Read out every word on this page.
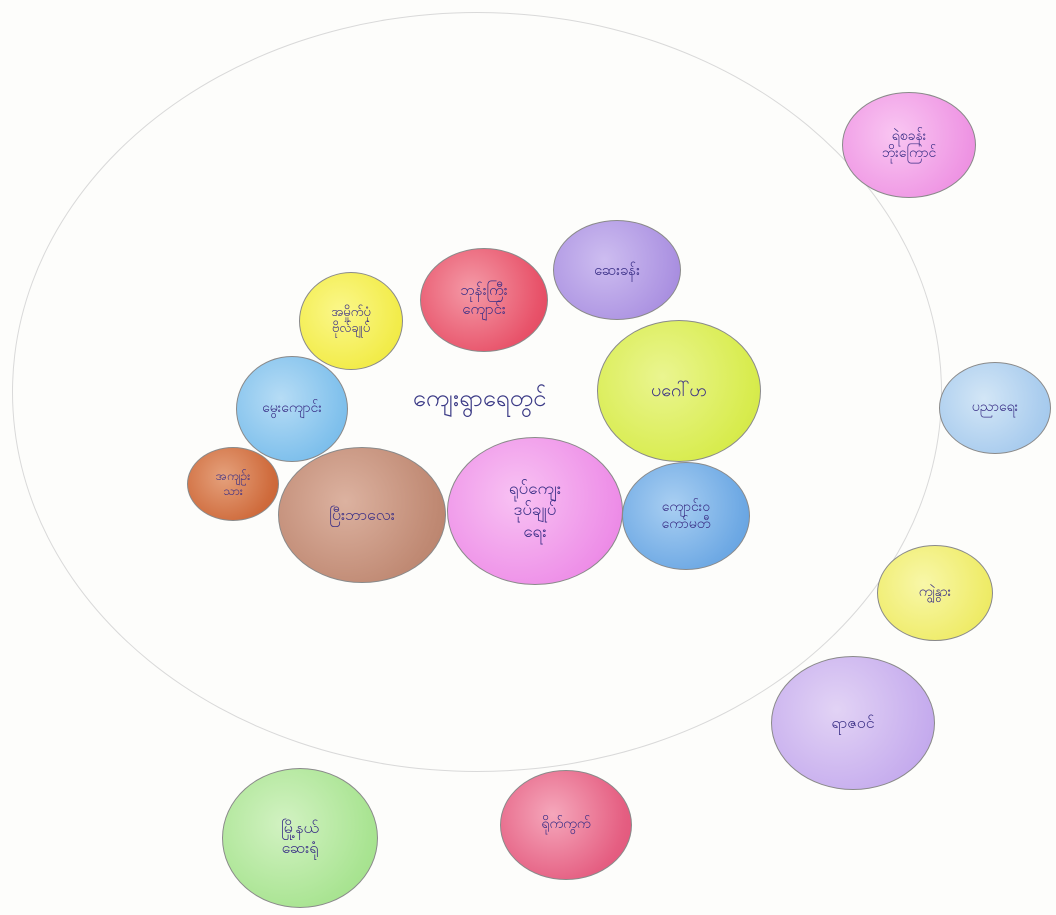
ကျေးရွာရေတွင်
အမှိုက်ပုံ
ဗိုလ်ချုပ်
ဘုန်းကြီး
ကျောင်း
ဆေးခန်း
ပဂေါ်ဟ
မွေးကျောင်း
အကျဉ်း
သား
ပြီးဘာလေး
ရုပ်ကျေး
ဒုပ်ချုပ်
ရေး
ကျောင်း၀
ကော်မတီ
ရဲစခန်း
ဘိုးကြောင်
ပညာရေး
ကျွဲနွား
ရာဇဝင်
မြို့နယ်
ဆေးရုံ
ရိုက်ကွက်
